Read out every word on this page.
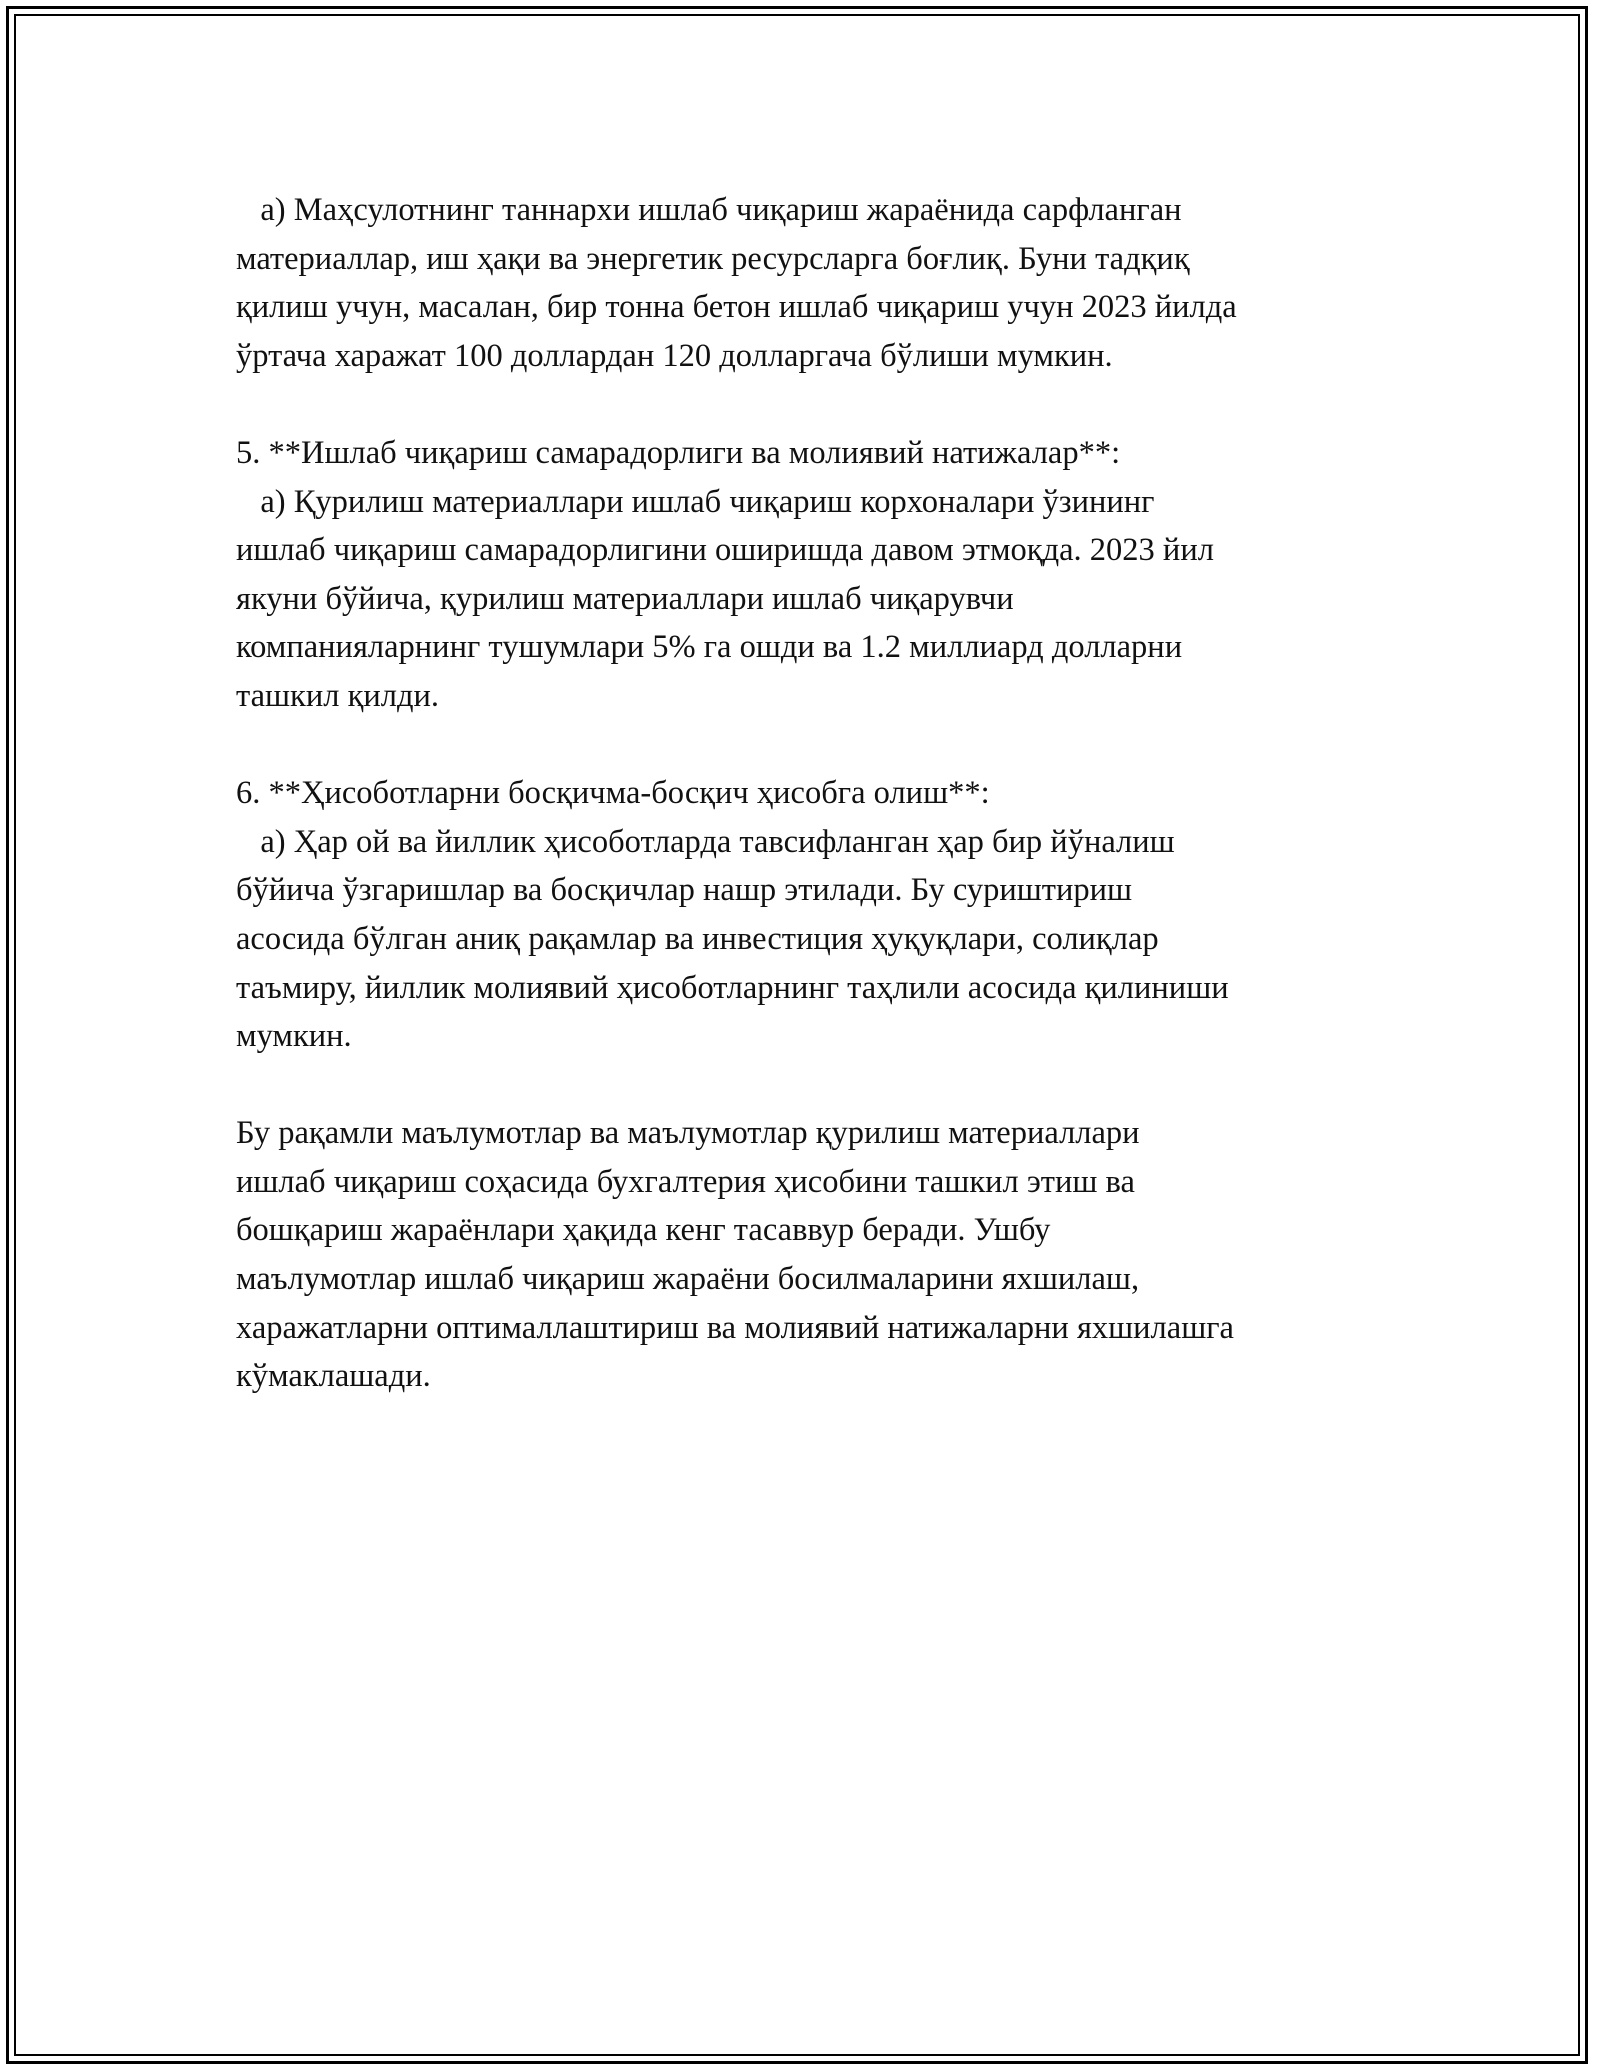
а) Маҳсулотнинг таннархи ишлаб чиқариш жараёнида сарфланган
материаллар, иш ҳақи ва энергетик ресурсларга боғлиқ. Буни тадқиқ
қилиш учун, масалан, бир тонна бетон ишлаб чиқариш учун 2023 йилда
ўртача харажат 100 доллардан 120 долларгача бўлиши мумкин.
5. **Ишлаб чиқариш самарадорлиги ва молиявий натижалар**:
а) Қурилиш материаллари ишлаб чиқариш корхоналари ўзининг
ишлаб чиқариш самарадорлигини оширишда давом этмоқда. 2023 йил
якуни бўйича, қурилиш материаллари ишлаб чиқарувчи
компанияларнинг тушумлари 5% га ошди ва 1.2 миллиард долларни
ташкил қилди.
6. **Ҳисоботларни босқичма-босқич ҳисобга олиш**:
а) Ҳар ой ва йиллик ҳисоботларда тавсифланган ҳар бир йўналиш
бўйича ўзгаришлар ва босқичлар нашр этилади. Бу суриштириш
асосида бўлган аниқ рақамлар ва инвестиция ҳуқуқлари, солиқлар
таъмиру, йиллик молиявий ҳисоботларнинг таҳлили асосида қилиниши
мумкин.
Бу рақамли маълумотлар ва маълумотлар қурилиш материаллари
ишлаб чиқариш соҳасида бухгалтерия ҳисобини ташкил этиш ва
бошқариш жараёнлари ҳақида кенг тасаввур беради. Ушбу
маълумотлар ишлаб чиқариш жараёни босилмаларини яхшилаш,
харажатларни оптималлаштириш ва молиявий натижаларни яхшилашга
кўмаклашади.
